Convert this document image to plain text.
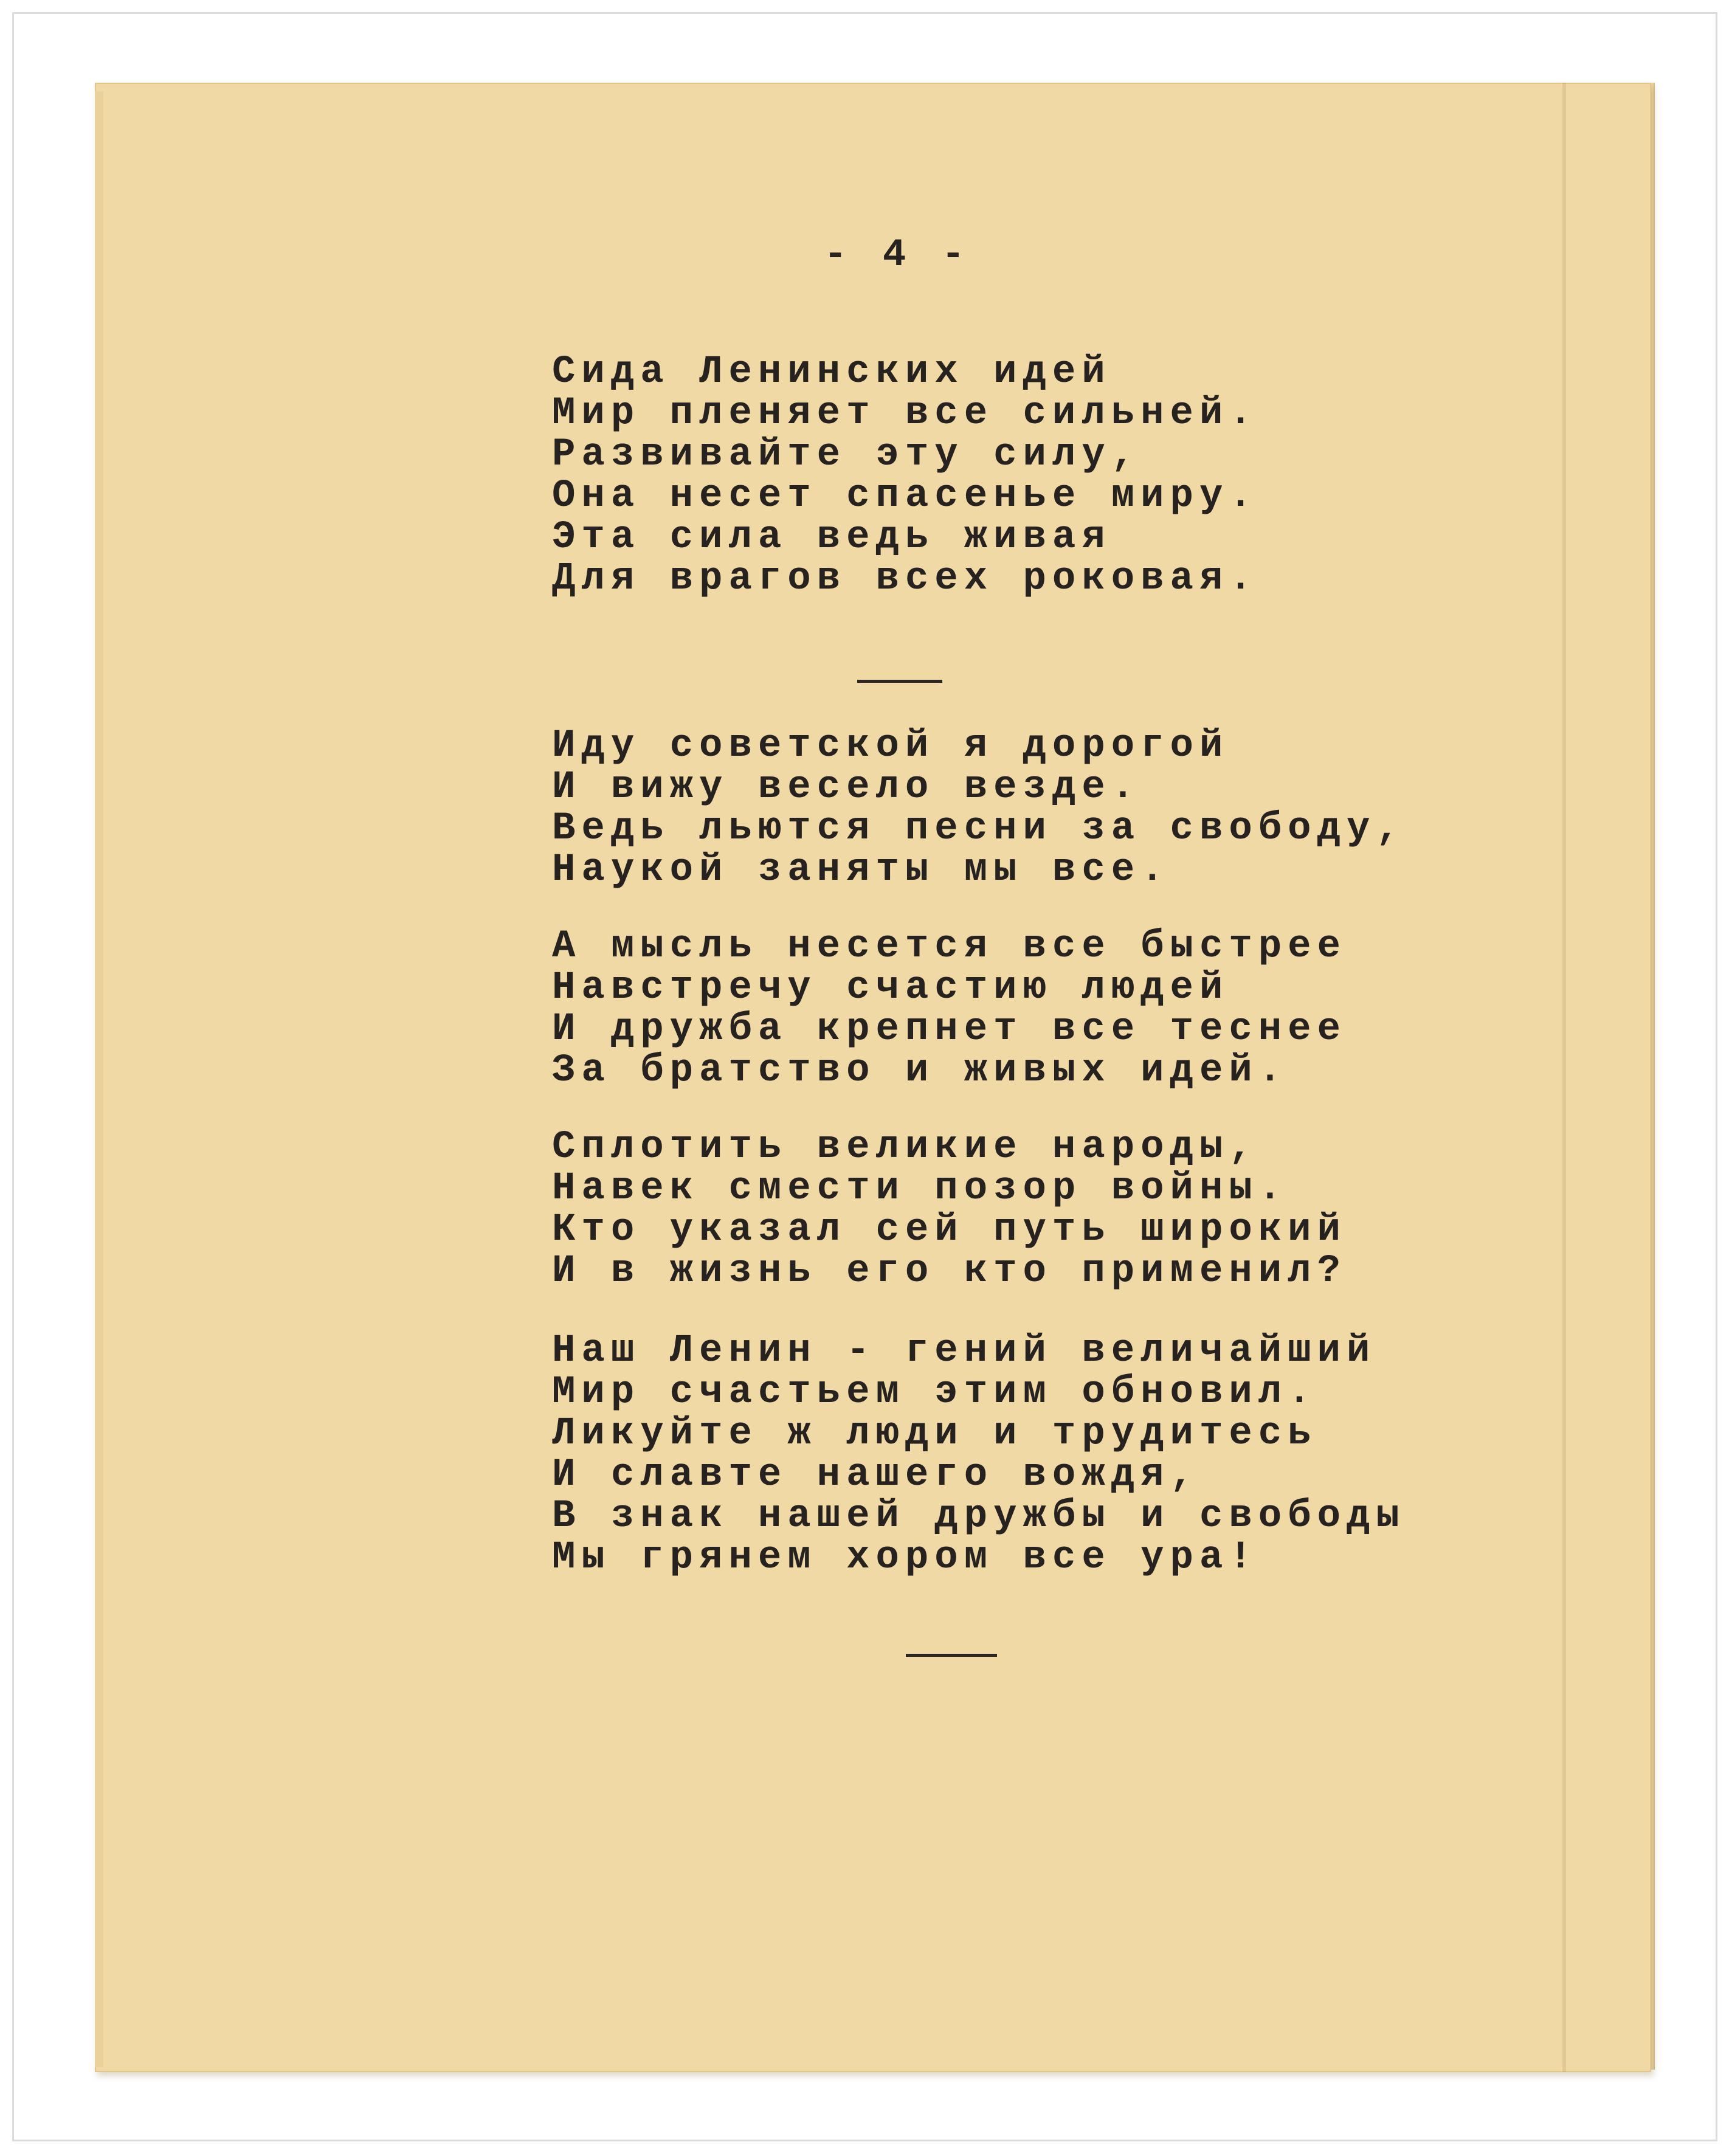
- 4 -
Сида Ленинских идей
Мир пленяет все сильней.
Развивайте эту силу,
Она несет спасенье миру.
Эта сила ведь живая
Для врагов всех роковая.
Иду советской я дорогой
И вижу весело везде.
Ведь льются песни за свободу,
Наукой заняты мы все.
А мысль несется все быстрее
Навстречу счастию людей
И дружба крепнет все теснее
За братство и живых идей.
Сплотить великие народы,
Навек смести позор войны.
Кто указал сей путь широкий
И в жизнь его кто применил?
Наш Ленин - гений величайший
Мир счастьем этим обновил.
Ликуйте ж люди и трудитесь
И славте нашего вождя,
В знак нашей дружбы и свободы
Мы грянем хором все ура!
